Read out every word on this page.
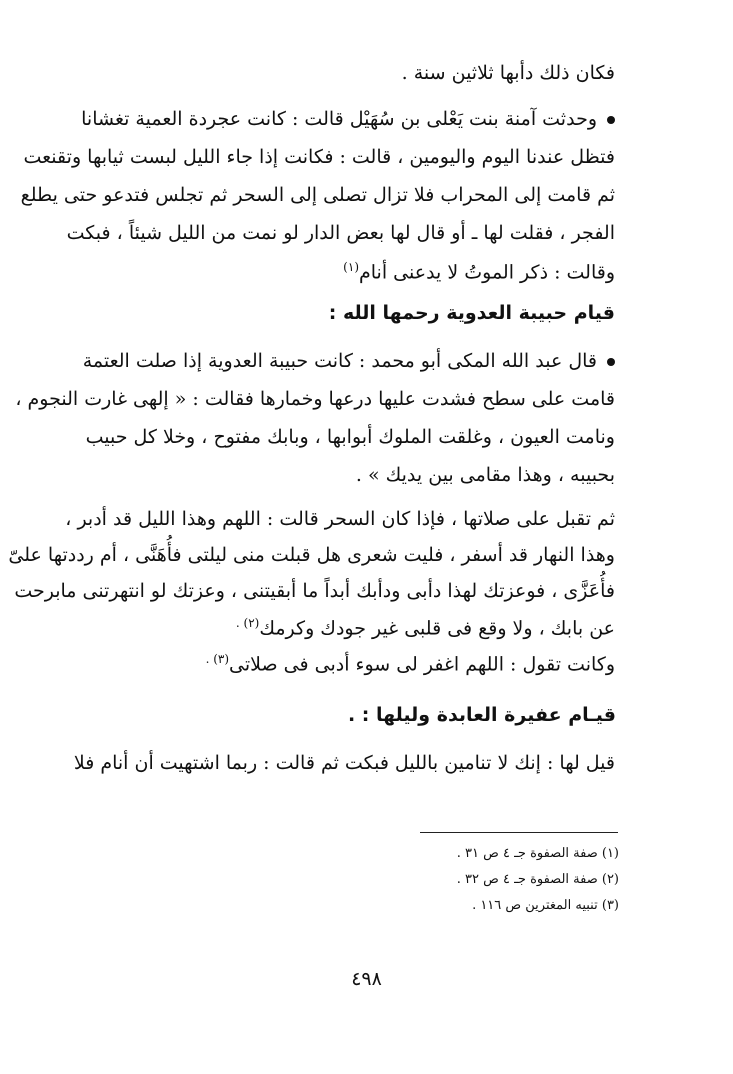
فكان ذلك دأبها ثلاثين سنة .
وحدثت آمنة بنت يَعْلى بن سُهَيْل قالت : كانت عجردة العمية تغشانا
فتظل عندنا اليوم واليومين ، قالت : فكانت إذا جاء الليل لبست ثيابها وتقنعت
ثم قامت إلى المحراب فلا تزال تصلى إلى السحر ثم تجلس فتدعو حتى يطلع
الفجر ، فقلت لها ـ أو قال لها بعض الدار لو نمت من الليل شيئاً ، فبكت
وقالت : ذكر الموتُ لا يدعنى أنام$^{(١)}$
قيام حبيبة العدوية رحمها الله :
قال عبد الله المكى أبو محمد : كانت حبيبة العدوية إذا صلت العتمة
قامت على سطح فشدت عليها درعها وخمارها فقالت : « إلهى غارت النجوم ،
ونامت العيون ، وغلقت الملوك أبوابها ، وبابك مفتوح ، وخلا كل حبيب
بحبيبه ، وهذا مقامى بين يديك » .
ثم تقبل على صلاتها ، فإذا كان السحر قالت : اللهم وهذا الليل قد أدبر ،
وهذا النهار قد أسفر ، فليت شعرى هل قبلت منى ليلتى فأُهَنَّى ، أم رددتها علىّ
فأُعَزَّى ، فوعزتك لهذا دأبى ودأبك أبداً ما أبقيتنى ، وعزتك لو انتهرتنى مابرحت
عن بابك ، ولا وقع فى قلبى غير جودك وكرمك$^{(٢) .}$
وكانت تقول : اللهم اغفر لى سوء أدبى فى صلاتى$^{(٣) .}$
قيـام عفيرة العابدة وليلها : .
قيل لها : إنك لا تنامين بالليل فبكت ثم قالت : ربما اشتهيت أن أنام فلا
(١) صفة الصفوة جـ ٤ ص ٣١ .
(٢) صفة الصفوة جـ ٤ ص ٣٢ .
(٣) تنبيه المغترين ص ١١٦ .
٤٩٨
